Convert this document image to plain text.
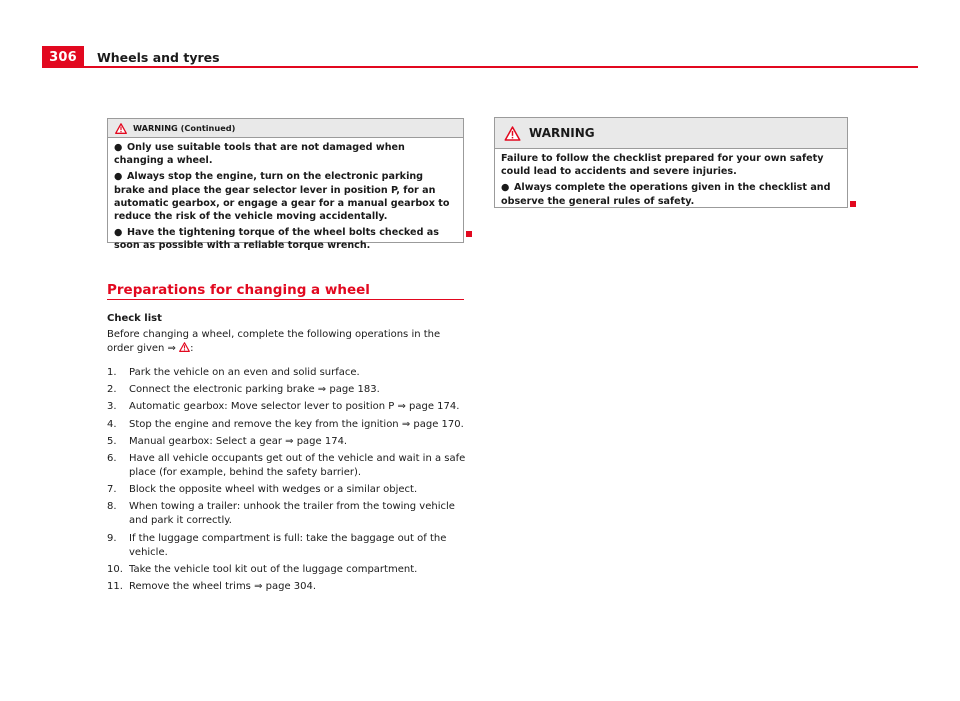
306	Wheels and tyres
WARNING (Continued)

● Only use suitable tools that are not damaged when changing a wheel.

● Always stop the engine, turn on the electronic parking brake and place the gear selector lever in position P, for an automatic gearbox, or engage a gear for a manual gearbox to reduce the risk of the vehicle moving accidentally.

● Have the tightening torque of the wheel bolts checked as soon as possible with a reliable torque wrench.

Preparations for changing a wheel
Check list
Before changing a wheel, complete the following operations in the order given ⇒ :
1.	Park the vehicle on an even and solid surface.
2.	Connect the electronic parking brake ⇒ page 183.
3.	Automatic gearbox: Move selector lever to position P ⇒ page 174.
4.	Stop the engine and remove the key from the ignition ⇒ page 170.
5.	Manual gearbox: Select a gear ⇒ page 174.
6.	Have all vehicle occupants get out of the vehicle and wait in a safe place (for example, behind the safety barrier).
7.	Block the opposite wheel with wedges or a similar object.
8.	When towing a trailer: unhook the trailer from the towing vehicle and park it correctly.
9.	If the luggage compartment is full: take the baggage out of the vehicle.
10. Take the vehicle tool kit out of the luggage compartment.
11. Remove the wheel trims ⇒ page 304.
WARNING

Failure to follow the checklist prepared for your own safety could lead to accidents and severe injuries.

● Always complete the operations given in the checklist and observe the general rules of safety.
